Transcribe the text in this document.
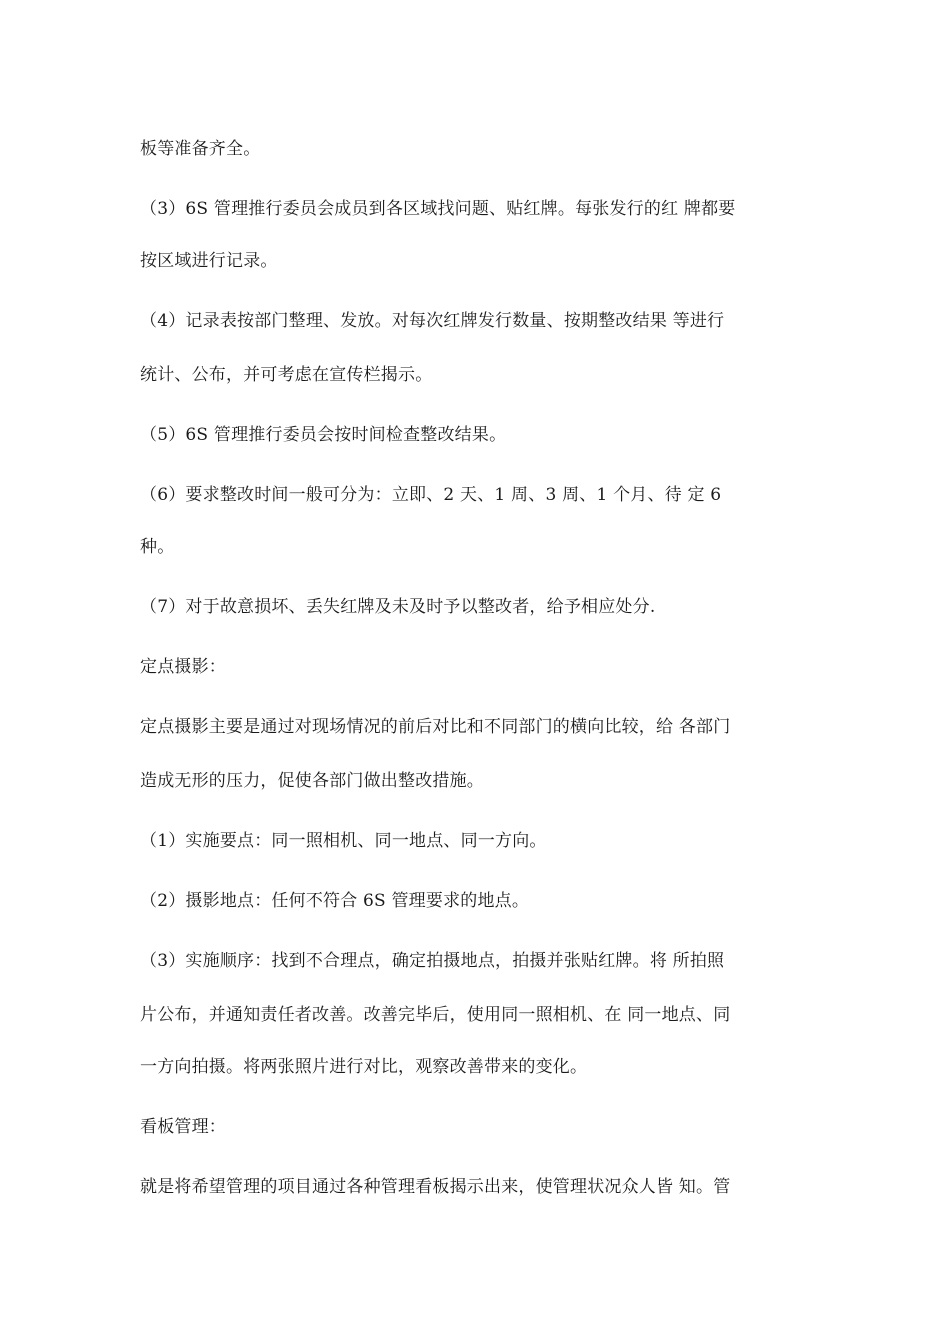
板等准备齐全。
（3）6S 管理推行委员会成员到各区域找问题、贴红牌。每张发行的红 牌都要
按区域进行记录。
（4）记录表按部门整理、发放。对每次红牌发行数量、按期整改结果 等进行
统计、公布，并可考虑在宣传栏揭示。
（5）6S 管理推行委员会按时间检查整改结果。
（6）要求整改时间一般可分为：立即、2 天、1 周、3 周、1 个月、待 定 6
种。
（7）对于故意损坏、丢失红牌及未及时予以整改者，给予相应处分.
定点摄影：
定点摄影主要是通过对现场情况的前后对比和不同部门的横向比较，给 各部门
造成无形的压力，促使各部门做出整改措施。
（1）实施要点：同一照相机、同一地点、同一方向。
（2）摄影地点：任何不符合 6S 管理要求的地点。
（3）实施顺序：找到不合理点，确定拍摄地点，拍摄并张贴红牌。将 所拍照
片公布，并通知责任者改善。改善完毕后，使用同一照相机、在 同一地点、同
一方向拍摄。将两张照片进行对比，观察改善带来的变化。
看板管理：
就是将希望管理的项目通过各种管理看板揭示出来，使管理状况众人皆 知。管
